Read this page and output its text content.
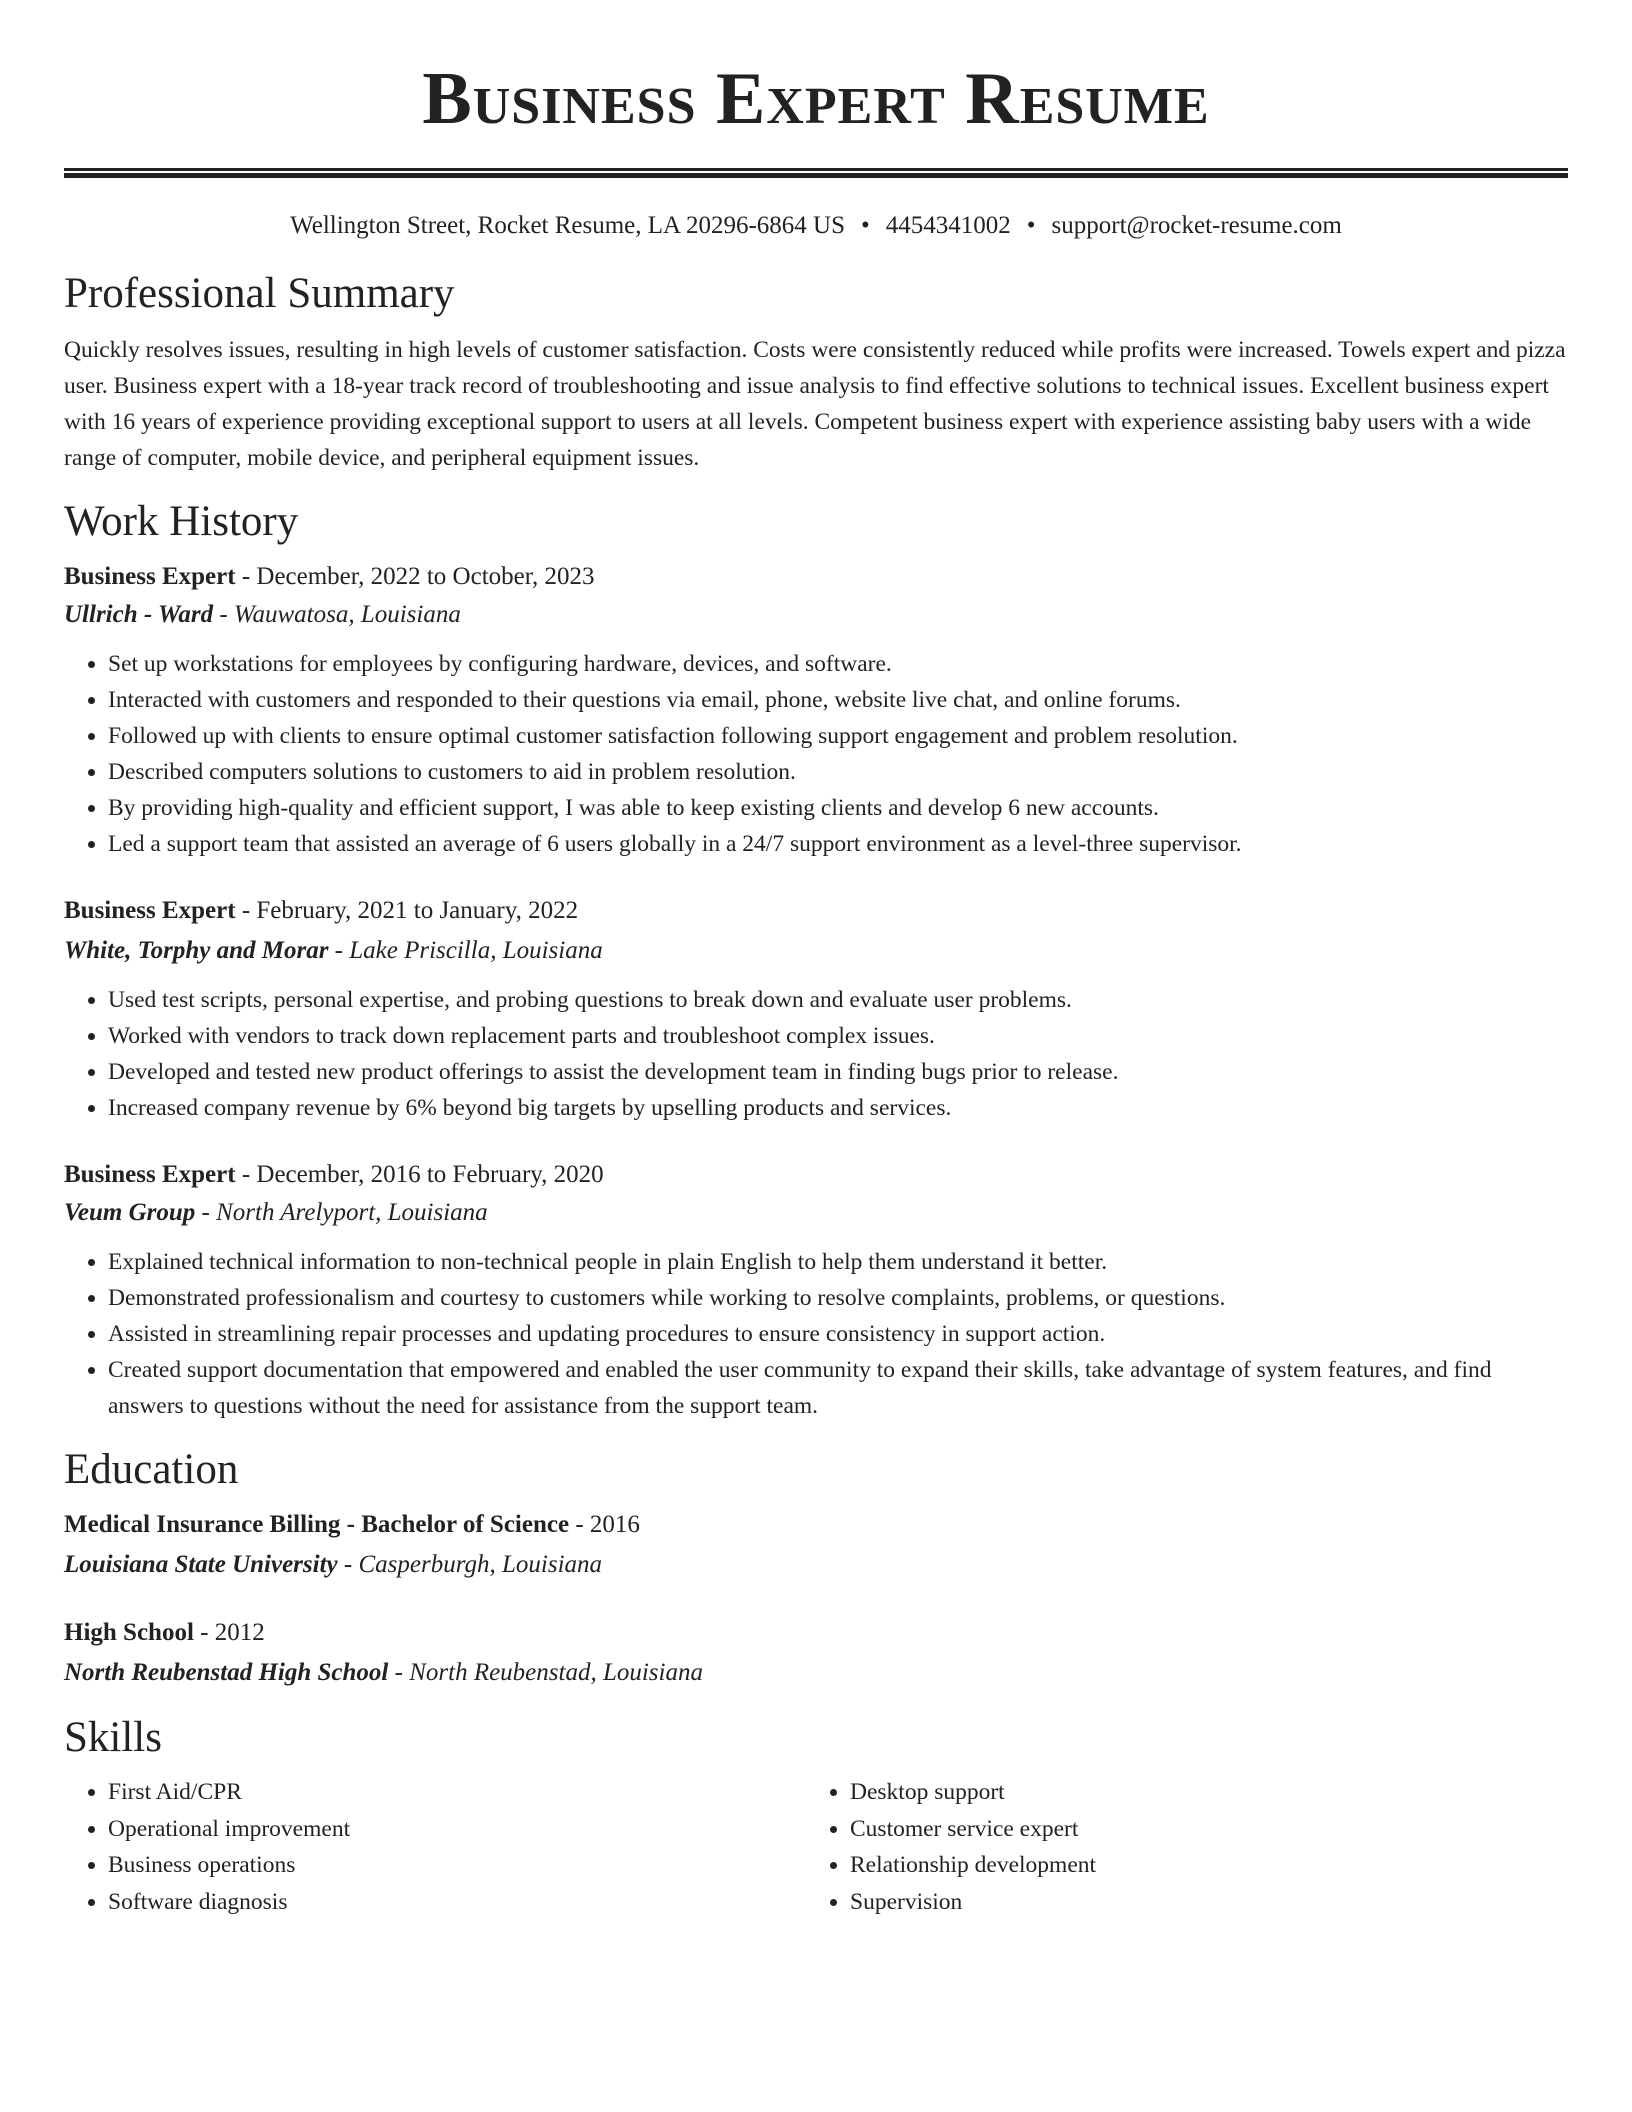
Business Expert Resume
Wellington Street, Rocket Resume, LA 20296-6864 US • 4454341002 • support@rocket-resume.com
Professional Summary

Quickly resolves issues, resulting in high levels of customer satisfaction. Costs were consistently reduced while profits were increased. Towels expert and pizza user. Business expert with a 18-year track record of troubleshooting and issue analysis to find effective solutions to technical issues. Excellent business expert with 16 years of experience providing exceptional support to users at all levels. Competent business expert with experience assisting baby users with a wide range of computer, mobile device, and peripheral equipment issues.

Work History
Business Expert - December, 2022 to October, 2023
Ullrich - Ward - Wauwatosa, Louisiana
• Set up workstations for employees by configuring hardware, devices, and software.
• Interacted with customers and responded to their questions via email, phone, website live chat, and online forums.
• Followed up with clients to ensure optimal customer satisfaction following support engagement and problem resolution.
• Described computers solutions to customers to aid in problem resolution.
• By providing high-quality and efficient support, I was able to keep existing clients and develop 6 new accounts.
• Led a support team that assisted an average of 6 users globally in a 24/7 support environment as a level-three supervisor.
Business Expert - February, 2021 to January, 2022
White, Torphy and Morar - Lake Priscilla, Louisiana
• Used test scripts, personal expertise, and probing questions to break down and evaluate user problems.
• Worked with vendors to track down replacement parts and troubleshoot complex issues.
• Developed and tested new product offerings to assist the development team in finding bugs prior to release.
• Increased company revenue by 6% beyond big targets by upselling products and services.
Business Expert - December, 2016 to February, 2020
Veum Group - North Arelyport, Louisiana
• Explained technical information to non-technical people in plain English to help them understand it better.
• Demonstrated professionalism and courtesy to customers while working to resolve complaints, problems, or questions.
• Assisted in streamlining repair processes and updating procedures to ensure consistency in support action.
• Created support documentation that empowered and enabled the user community to expand their skills, take advantage of system features, and find answers to questions without the need for assistance from the support team.
Education
Medical Insurance Billing - Bachelor of Science - 2016
Louisiana State University - Casperburgh, Louisiana
High School - 2012
North Reubenstad High School - North Reubenstad, Louisiana
Skills
• First Aid/CPR
• Operational improvement
• Business operations
• Software diagnosis
• Desktop support
• Customer service expert
• Relationship development
• Supervision
